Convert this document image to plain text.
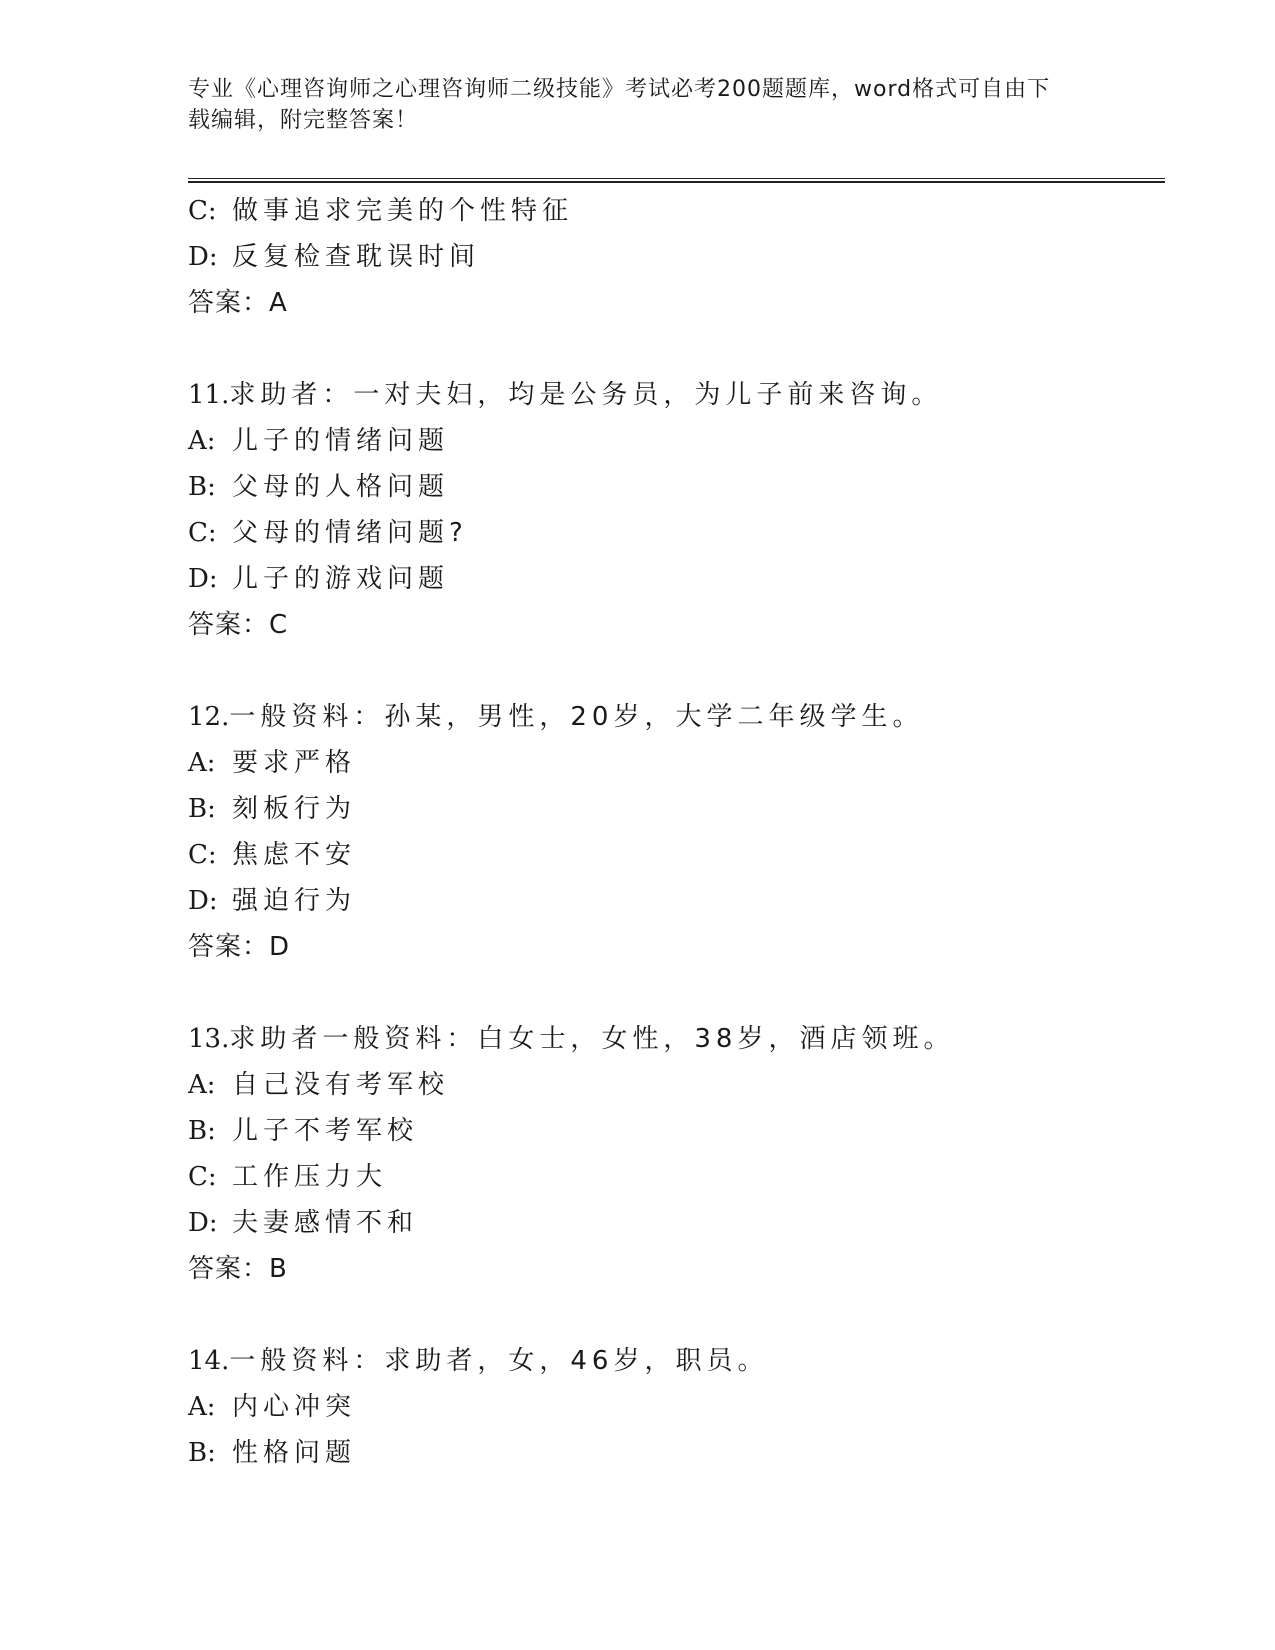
专业《心理咨询师之心理咨询师二级技能》考试必考200题题库，word格式可自由下载编辑，附完整答案！
C: 做事追求完美的个性特征
D: 反复检查耽误时间
答案：A
11.求助者：一对夫妇，均是公务员，为儿子前来咨询。
A: 儿子的情绪问题
B: 父母的人格问题
C: 父母的情绪问题?
D: 儿子的游戏问题
答案：C
12.一般资料：孙某，男性，20岁，大学二年级学生。
A: 要求严格
B: 刻板行为
C: 焦虑不安
D: 强迫行为
答案：D
13.求助者一般资料：白女士，女性，38岁，酒店领班。
A: 自己没有考军校
B: 儿子不考军校
C: 工作压力大
D: 夫妻感情不和
答案：B
14.一般资料：求助者，女，46岁，职员。
A: 内心冲突
B: 性格问题
